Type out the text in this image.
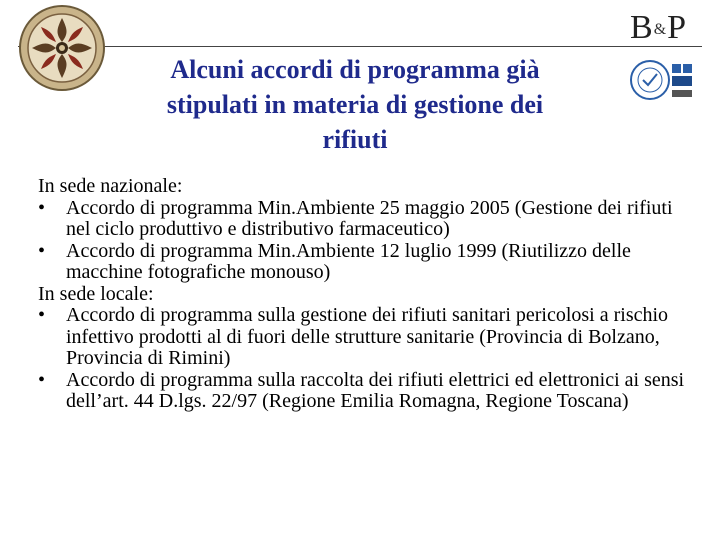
Alcuni accordi di programma già
stipulati in materia di gestione dei
rifiuti
B&P

In sede nazionale:

•	Accordo di programma Min.Ambiente 25 maggio 2005 (Gestione dei rifiuti nel ciclo produttivo e distributivo farmaceutico)
•	Accordo di programma Min.Ambiente 12 luglio 1999 (Riutilizzo delle macchine fotografiche monouso)

In sede locale:

•	Accordo di programma sulla gestione dei rifiuti sanitari pericolosi a rischio infettivo prodotti al di fuori delle strutture sanitarie (Provincia di Bolzano, Provincia di Rimini)
•	Accordo di programma sulla raccolta dei rifiuti elettrici ed elettronici ai sensi dell’art. 44 D.lgs. 22/97 (Regione Emilia Romagna, Regione Toscana)
